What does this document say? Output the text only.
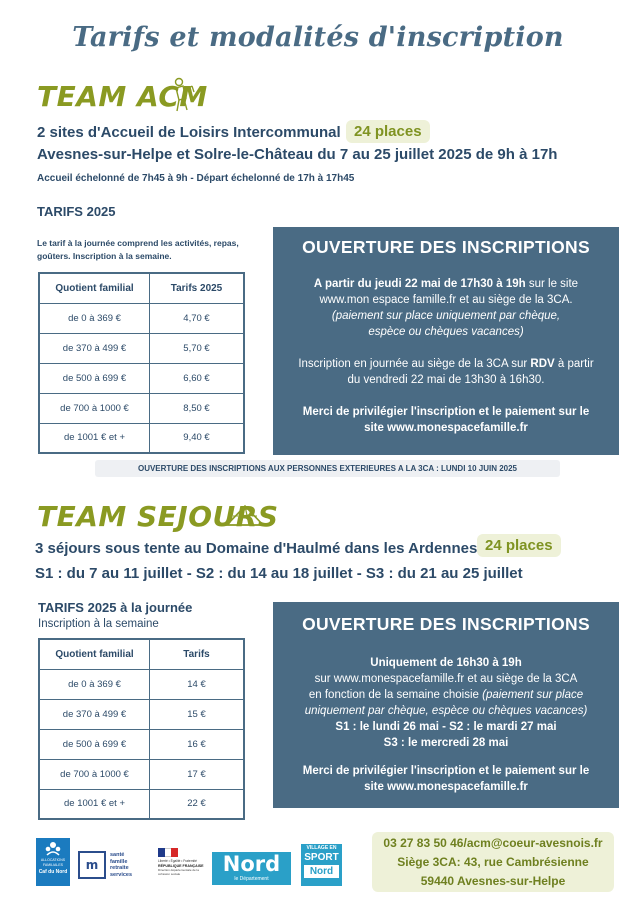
Tarifs et modalités d'inscription
TEAM ACM
2 sites d'Accueil de Loisirs Intercommunal 24 places
Avesnes-sur-Helpe et Solre-le-Château du 7 au 25 juillet 2025 de 9h à 17h
Accueil échelonné de 7h45 à 9h - Départ échelonné de 17h à 17h45
TARIFS 2025
Le tarif à la journée comprend les activités, repas, goûters. Inscription à la semaine.
Quotient familial	Tarifs 2025
de 0 à 369 €	4,70 €
de 370 à 499 €	5,70 €
de 500 à 699 €	6,60 €
de 700 à 1000 €	8,50 €
de 1001 € et +	9,40 €
OUVERTURE DES INSCRIPTIONS
A partir du jeudi 22 mai de 17h30 à 19h sur le site
www.mon espace famille.fr et au siège de la 3CA.
(paiement sur place uniquement par chèque,
espèce ou chèques vacances)
Inscription en journée au siège de la 3CA sur RDV à partir
du vendredi 22 mai de 13h30 à 16h30.
Merci de privilégier l'inscription et le paiement sur le
site www.monespacefamille.fr
OUVERTURE DES INSCRIPTIONS AUX PERSONNES EXTERIEURES A LA 3CA : LUNDI 10 JUIN 2025
TEAM SEJOURS
3 séjours sous tente au Domaine d'Haulmé dans les Ardennes 24 places
S1 : du 7 au 11 juillet - S2 : du 14 au 18 juillet - S3 : du 21 au 25 juillet
TARIFS 2025 à la journée
Inscription à la semaine
Quotient familial	Tarifs
de 0 à 369 €	14 €
de 370 à 499 €	15 €
de 500 à 699 €	16 €
de 700 à 1000 €	17 €
de 1001 € et +	22 €
OUVERTURE DES INSCRIPTIONS
Uniquement de 16h30 à 19h
sur www.monespacefamille.fr et au siège de la 3CA
en fonction de la semaine choisie (paiement sur place
uniquement par chèque, espèce ou chèques vacances)
S1 : le lundi 26 mai - S2 : le mardi 27 mai
S3 : le mercredi 28 mai
Merci de privilégier l'inscription et le paiement sur le
site www.monespacefamille.fr
ALLOCATIONS FAMILIALES
Caf du Nord m
santé
famille
retraite
services
Liberté • Égalité • Fraternité
RÉPUBLIQUE FRANÇAISE
Direction départementale de la cohésion sociale	Nord
le Département
VILLAGE EN
SPORT
Nord
03 27 83 50 46/acm@coeur-avesnois.fr
Siège 3CA: 43, rue Cambrésienne
59440 Avesnes-sur-Helpe
